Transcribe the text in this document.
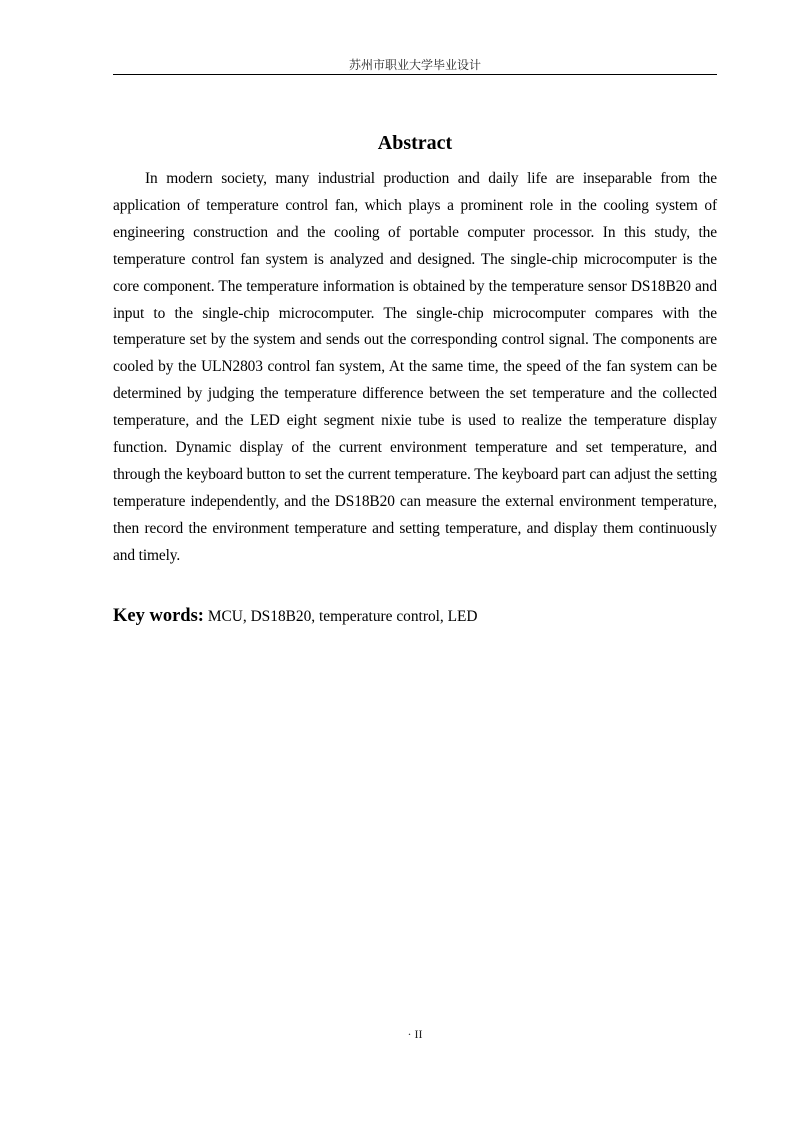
苏州市职业大学毕业设计
Abstract

In modern society, many industrial production and daily life are inseparable from the application of temperature control fan, which plays a prominent role in the cooling system of engineering construction and the cooling of portable computer processor. In this study, the temperature control fan system is analyzed and designed. The single-chip microcomputer is the core component. The temperature information is obtained by the temperature sensor DS18B20 and input to the single-chip microcomputer. The single-chip microcomputer compares with the temperature set by the system and sends out the corresponding control signal. The components are cooled by the ULN2803 control fan system, At the same time, the speed of the fan system can be determined by judging the temperature difference between the set temperature and the collected temperature, and the LED eight segment nixie tube is used to realize the temperature display function. Dynamic display of the current environment temperature and set temperature, and through the keyboard button to set the current temperature. The keyboard part can adjust the setting temperature independently, and the DS18B20 can measure the external environment temperature, then record the environment temperature and setting temperature, and display them continuously and timely.

Key words: MCU, DS18B20, temperature control, LED
· II
